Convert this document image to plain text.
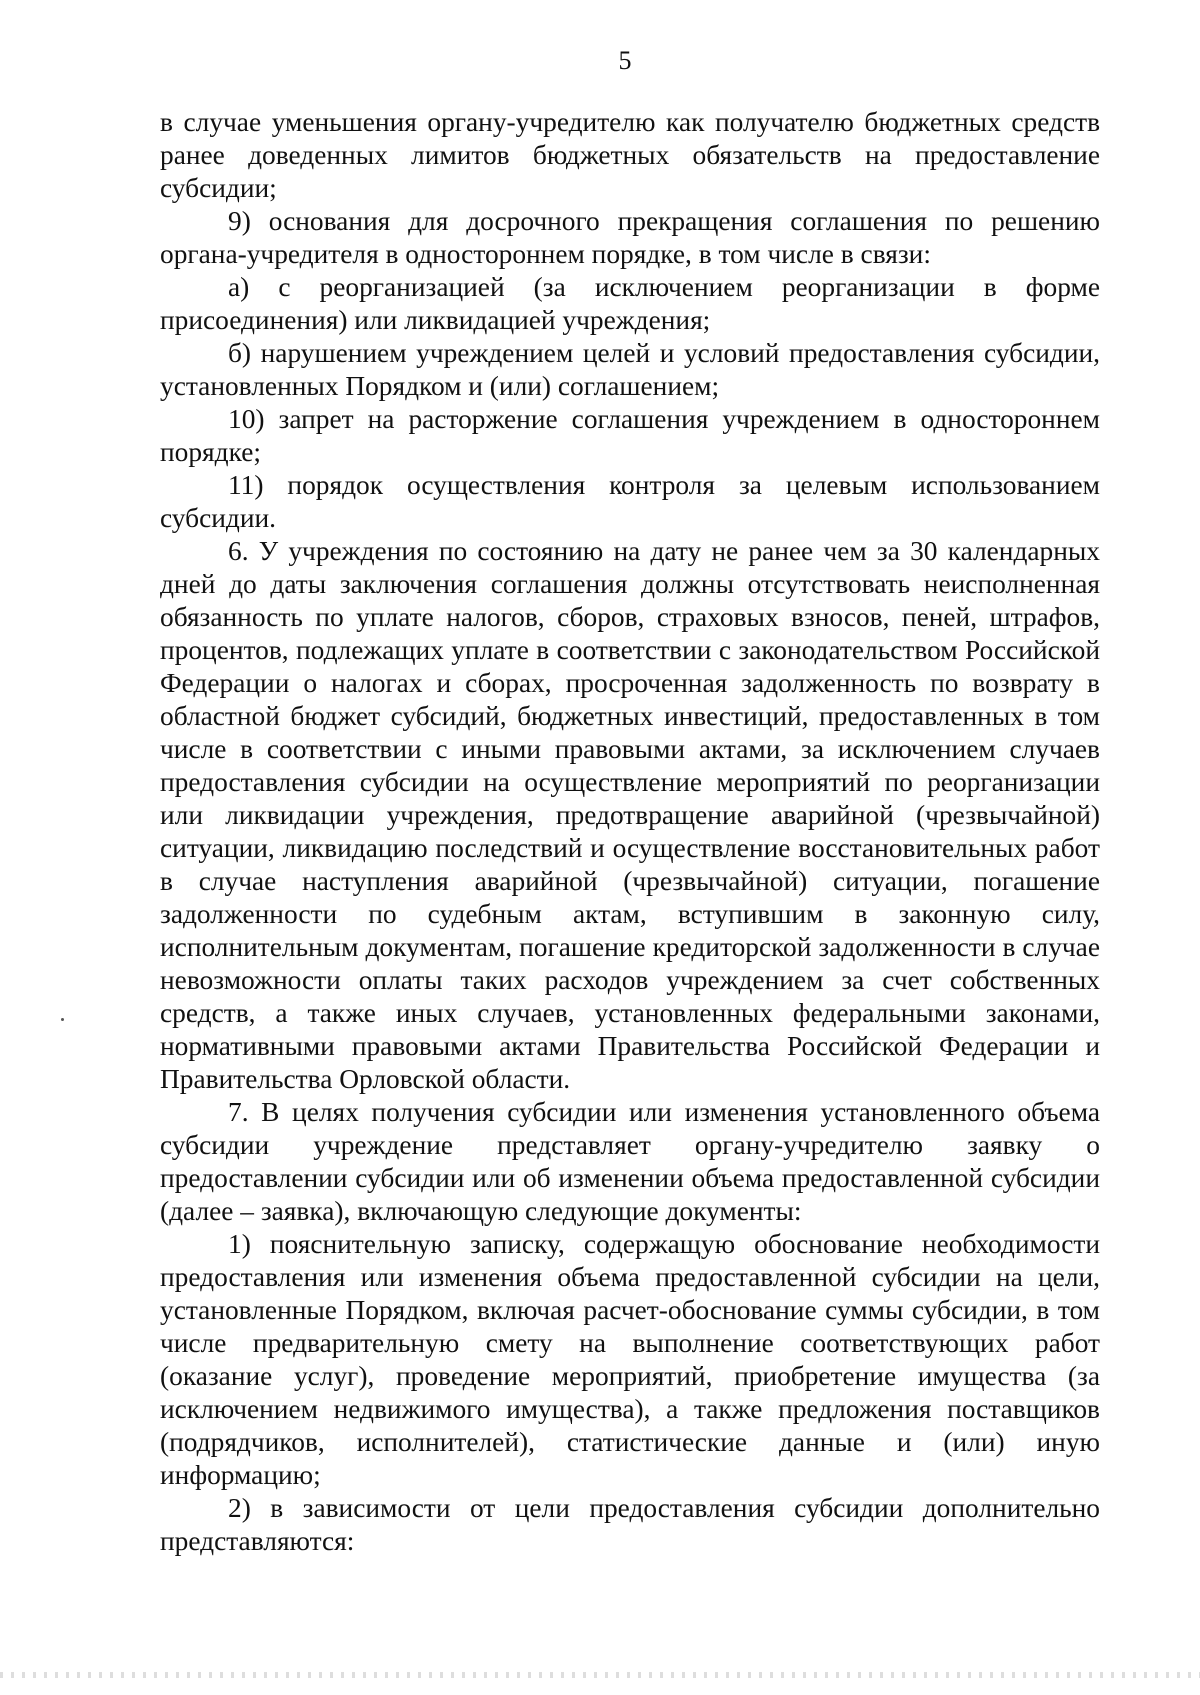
5

в случае уменьшения органу-учредителю как получателю бюджетных средств ранее доведенных лимитов бюджетных обязательств на предоставление субсидии;

9) основания для досрочного прекращения соглашения по решению органа-учредителя в одностороннем порядке, в том числе в связи:

а) с реорганизацией (за исключением реорганизации в форме присоединения) или ликвидацией учреждения;

б) нарушением учреждением целей и условий предоставления субсидии, установленных Порядком и (или) соглашением;

10) запрет на расторжение соглашения учреждением в одностороннем порядке;

11) порядок осуществления контроля за целевым использованием субсидии.

6. У учреждения по состоянию на дату не ранее чем за 30 календарных дней до даты заключения соглашения должны отсутствовать неисполненная обязанность по уплате налогов, сборов, страховых взносов, пеней, штрафов, процентов, подлежащих уплате в соответствии с законодательством Российской Федерации о налогах и сборах, просроченная задолженность по возврату в областной бюджет субсидий, бюджетных инвестиций, предоставленных в том числе в соответствии с иными правовыми актами, за исключением случаев предоставления субсидии на осуществление мероприятий по реорганизации или ликвидации учреждения, предотвращение аварийной (чрезвычайной) ситуации, ликвидацию последствий и осуществление восстановительных работ в случае наступления аварийной (чрезвычайной) ситуации, погашение задолженности по судебным актам, вступившим в законную силу, исполнительным документам, погашение кредиторской задолженности в случае невозможности оплаты таких расходов учреждением за счет собственных средств, а также иных случаев, установленных федеральными законами, нормативными правовыми актами Правительства Российской Федерации и Правительства Орловской области.

7. В целях получения субсидии или изменения установленного объема субсидии учреждение представляет органу-учредителю заявку о предоставлении субсидии или об изменении объема предоставленной субсидии (далее – заявка), включающую следующие документы:

1) пояснительную записку, содержащую обоснование необходимости предоставления или изменения объема предоставленной субсидии на цели, установленные Порядком, включая расчет-обоснование суммы субсидии, в том числе предварительную смету на выполнение соответствующих работ (оказание услуг), проведение мероприятий, приобретение имущества (за исключением недвижимого имущества), а также предложения поставщиков (подрядчиков, исполнителей), статистические данные и (или) иную информацию;

2) в зависимости от цели предоставления субсидии дополнительно представляются:
